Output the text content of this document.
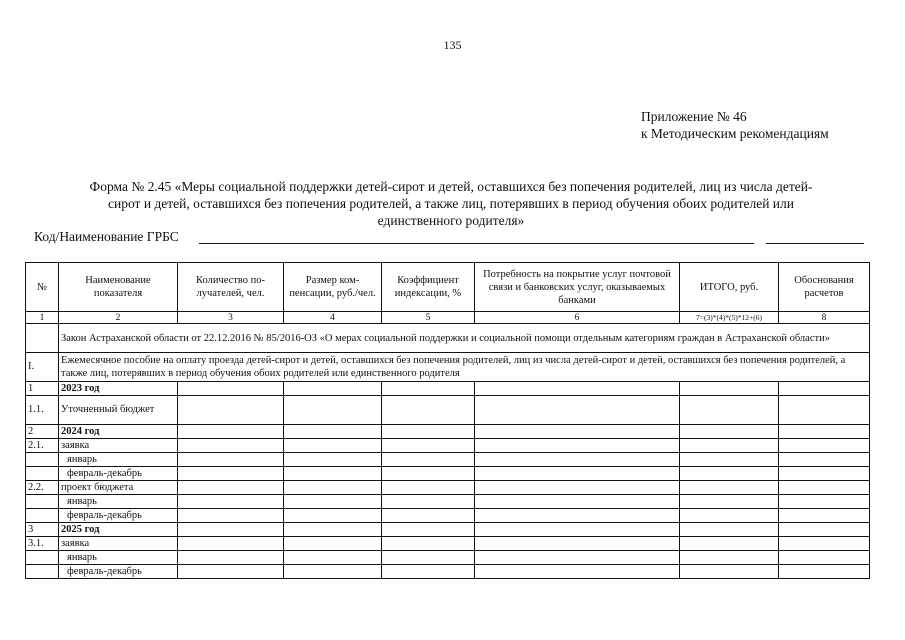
135
Приложение № 46
к Методическим рекомендациям
Форма № 2.45 «Меры социальной поддержки детей-сирот и детей, оставшихся без попечения родителей, лиц из числа детей-
сирот и детей, оставшихся без попечения родителей, а также лиц, потерявших в период обучения обоих родителей или
единственного родителя»
Код/Наименование ГРБС
№	Наименование показателя	Количество по-лучателей, чел.	Размер ком-пенсации, руб./чел.	Коэффициент индексации, %	Потребность на покрытие услуг почтовой связи и банковских услуг, оказываемых банками	ИТОГО, руб.	Обоснования расчетов
1	2	3	4	5	6	7=(3)*(4)*(5)*12+(6)	8
	Закон Астраханской области от 22.12.2016 № 85/2016-ОЗ «О мерах социальной поддержки и социальной помощи отдельным категориям граждан в Астраханской области»						
I.	Ежемесячное пособие на оплату проезда детей-сирот и детей, оставшихся без попечения родителей, лиц из числа детей-сирот и детей, оставшихся без попечения родителей, а также лиц, потерявших в период обучения обоих родителей или единственного родителя						
1	2023 год						
1.1.	Уточненный бюджет						
2	2024 год						
2.1.	заявка						
	январь						
	февраль-декабрь						
2.2.	проект бюджета						
	январь						
	февраль-декабрь						
3	2025 год						
3.1.	заявка						
	январь						
	февраль-декабрь						
